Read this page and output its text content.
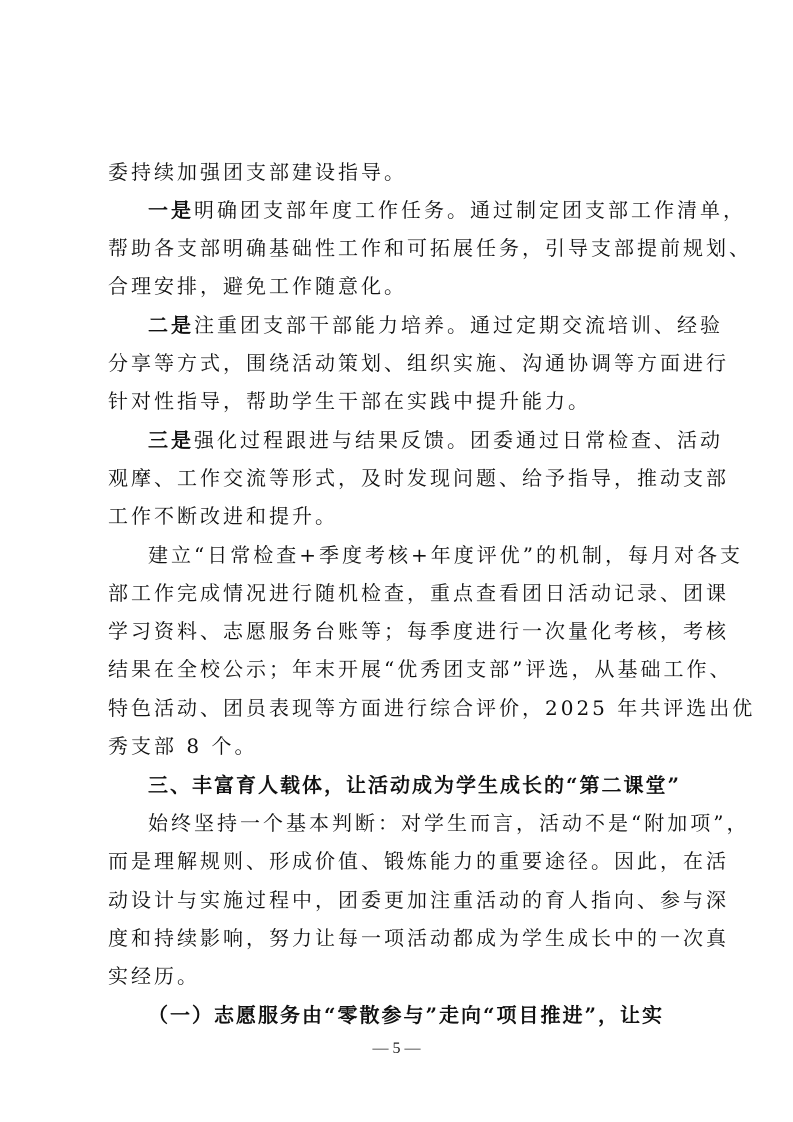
委持续加强团支部建设指导。
一是明确团支部年度工作任务。通过制定团支部工作清单，
帮助各支部明确基础性工作和可拓展任务，引导支部提前规划、
合理安排，避免工作随意化。
二是注重团支部干部能力培养。通过定期交流培训、经验
分享等方式，围绕活动策划、组织实施、沟通协调等方面进行
针对性指导，帮助学生干部在实践中提升能力。
三是强化过程跟进与结果反馈。团委通过日常检查、活动
观摩、工作交流等形式，及时发现问题、给予指导，推动支部
工作不断改进和提升。
建立“日常检查+季度考核+年度评优”的机制，每月对各支
部工作完成情况进行随机检查，重点查看团日活动记录、团课
学习资料、志愿服务台账等；每季度进行一次量化考核，考核
结果在全校公示；年末开展“优秀团支部”评选，从基础工作、
特色活动、团员表现等方面进行综合评价，2025 年共评选出优
秀支部 8 个。
三、丰富育人载体，让活动成为学生成长的“第二课堂”
始终坚持一个基本判断：对学生而言，活动不是“附加项”，
而是理解规则、形成价值、锻炼能力的重要途径。因此，在活
动设计与实施过程中，团委更加注重活动的育人指向、参与深
度和持续影响，努力让每一项活动都成为学生成长中的一次真
— 5 —
实经历。
（一）志愿服务由“零散参与”走向“项目推进”，让实
